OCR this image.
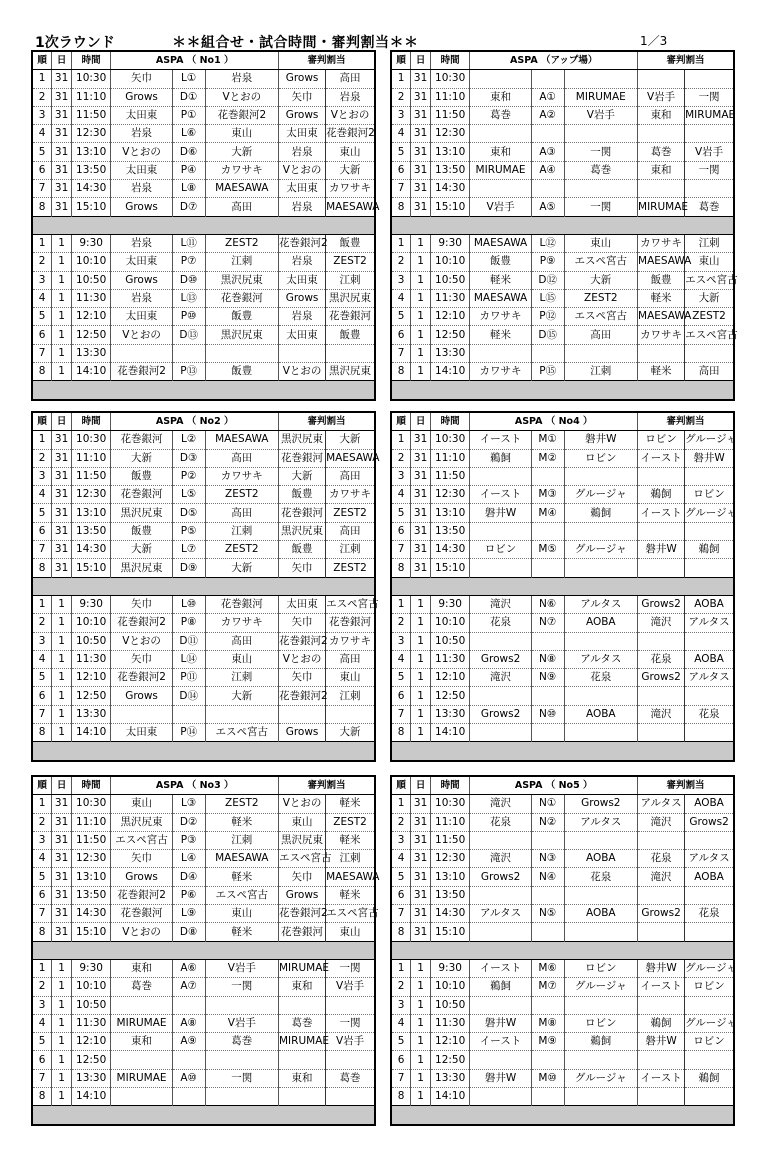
1次ラウンド	＊＊組合せ・試合時間・審判割当＊＊	1／3
順	日	時間	ASPA （ No1 ）			審判割当	
1	31	10:30	矢巾	L①	岩泉	Grows	高田
2	31	11:10	Grows	D①	Vとおの	矢巾	岩泉
3	31	11:50	太田東	P①	花巻銀河2	Grows	Vとおの
4	31	12:30	岩泉	L⑥	東山	太田東	花巻銀河2
5	31	13:10	Vとおの	D⑥	大新	岩泉	東山
6	31	13:50	太田東	P④	カワサキ	Vとおの	大新
7	31	14:30	岩泉	L⑧	MAESAWA	太田東	カワサキ
8	31	15:10	Grows	D⑦	高田	岩泉	MAESAWA

1	1	9:30	岩泉	L⑪	ZEST2	花巻銀河2	飯豊
2	1	10:10	太田東	P⑦	江刺	岩泉	ZEST2
3	1	10:50	Grows	D⑩	黒沢尻東	太田東	江刺
4	1	11:30	岩泉	L⑬	花巻銀河	Grows	黒沢尻東
5	1	12:10	太田東	P⑩	飯豊	岩泉	花巻銀河
6	1	12:50	Vとおの	D⑬	黒沢尻東	太田東	飯豊
7	1	13:30					
8	1	14:10	花巻銀河2	P⑬	飯豊	Vとおの	黒沢尻東

順	日	時間	ASPA （アップ場）			審判割当	
1	31	10:30					
2	31	11:10	東和	A①	MIRUMAE	V岩手	一関
3	31	11:50	葛巻	A②	V岩手	東和	MIRUMAE
4	31	12:30					
5	31	13:10	東和	A③	一関	葛巻	V岩手
6	31	13:50	MIRUMAE	A④	葛巻	東和	一関
7	31	14:30					
8	31	15:10	V岩手	A⑤	一関	MIRUMAE	葛巻

1	1	9:30	MAESAWA	L⑫	東山	カワサキ	江刺
2	1	10:10	飯豊	P⑨	エスペ宮古	MAESAWA	東山
3	1	10:50	軽米	D⑫	大新	飯豊	エスペ宮古
4	1	11:30	MAESAWA	L⑮	ZEST2	軽米	大新
5	1	12:10	カワサキ	P⑫	エスペ宮古	MAESAWA	ZEST2
6	1	12:50	軽米	D⑮	高田	カワサキ	エスペ宮古
7	1	13:30					
8	1	14:10	カワサキ	P⑮	江刺	軽米	高田

順	日	時間	ASPA （ No2 ）			審判割当	
1	31	10:30	花巻銀河	L②	MAESAWA	黒沢尻東	大新
2	31	11:10	大新	D③	高田	花巻銀河	MAESAWA
3	31	11:50	飯豊	P②	カワサキ	大新	高田
4	31	12:30	花巻銀河	L⑤	ZEST2	飯豊	カワサキ
5	31	13:10	黒沢尻東	D⑤	高田	花巻銀河	ZEST2
6	31	13:50	飯豊	P⑤	江刺	黒沢尻東	高田
7	31	14:30	大新	L⑦	ZEST2	飯豊	江刺
8	31	15:10	黒沢尻東	D⑨	大新	矢巾	ZEST2

1	1	9:30	矢巾	L⑩	花巻銀河	太田東	エスペ宮古
2	1	10:10	花巻銀河2	P⑧	カワサキ	矢巾	花巻銀河
3	1	10:50	Vとおの	D⑪	高田	花巻銀河2	カワサキ
4	1	11:30	矢巾	L⑭	東山	Vとおの	高田
5	1	12:10	花巻銀河2	P⑪	江刺	矢巾	東山
6	1	12:50	Grows	D⑭	大新	花巻銀河2	江刺
7	1	13:30					
8	1	14:10	太田東	P⑭	エスペ宮古	Grows	大新

順	日	時間	ASPA （ No4 ）			審判割当	
1	31	10:30	イースト	M①	磐井W	ロビン	グルージャ
2	31	11:10	鵜飼	M②	ロビン	イースト	磐井W
3	31	11:50					
4	31	12:30	イースト	M③	グルージャ	鵜飼	ロビン
5	31	13:10	磐井W	M④	鵜飼	イースト	グルージャ
6	31	13:50					
7	31	14:30	ロビン	M⑤	グルージャ	磐井W	鵜飼
8	31	15:10					

1	1	9:30	滝沢	N⑥	アルタス	Grows2	AOBA
2	1	10:10	花泉	N⑦	AOBA	滝沢	アルタス
3	1	10:50					
4	1	11:30	Grows2	N⑧	アルタス	花泉	AOBA
5	1	12:10	滝沢	N⑨	花泉	Grows2	アルタス
6	1	12:50					
7	1	13:30	Grows2	N⑩	AOBA	滝沢	花泉
8	1	14:10					

順	日	時間	ASPA （ No3 ）			審判割当	
1	31	10:30	東山	L③	ZEST2	Vとおの	軽米
2	31	11:10	黒沢尻東	D②	軽米	東山	ZEST2
3	31	11:50	エスペ宮古	P③	江刺	黒沢尻東	軽米
4	31	12:30	矢巾	L④	MAESAWA	エスペ宮古	江刺
5	31	13:10	Grows	D④	軽米	矢巾	MAESAWA
6	31	13:50	花巻銀河2	P⑥	エスペ宮古	Grows	軽米
7	31	14:30	花巻銀河	L⑨	東山	花巻銀河2	エスペ宮古
8	31	15:10	Vとおの	D⑧	軽米	花巻銀河	東山

1	1	9:30	東和	A⑥	V岩手	MIRUMAE	一関
2	1	10:10	葛巻	A⑦	一関	東和	V岩手
3	1	10:50					
4	1	11:30	MIRUMAE	A⑧	V岩手	葛巻	一関
5	1	12:10	東和	A⑨	葛巻	MIRUMAE	V岩手
6	1	12:50					
7	1	13:30	MIRUMAE	A⑩	一関	東和	葛巻
8	1	14:10					

順	日	時間	ASPA （ No5 ）			審判割当	
1	31	10:30	滝沢	N①	Grows2	アルタス	AOBA
2	31	11:10	花泉	N②	アルタス	滝沢	Grows2
3	31	11:50					
4	31	12:30	滝沢	N③	AOBA	花泉	アルタス
5	31	13:10	Grows2	N④	花泉	滝沢	AOBA
6	31	13:50					
7	31	14:30	アルタス	N⑤	AOBA	Grows2	花泉
8	31	15:10					

1	1	9:30	イースト	M⑥	ロビン	磐井W	グルージャ
2	1	10:10	鵜飼	M⑦	グルージャ	イースト	ロビン
3	1	10:50					
4	1	11:30	磐井W	M⑧	ロビン	鵜飼	グルージャ
5	1	12:10	イースト	M⑨	鵜飼	磐井W	ロビン
6	1	12:50					
7	1	13:30	磐井W	M⑩	グルージャ	イースト	鵜飼
8	1	14:10					
